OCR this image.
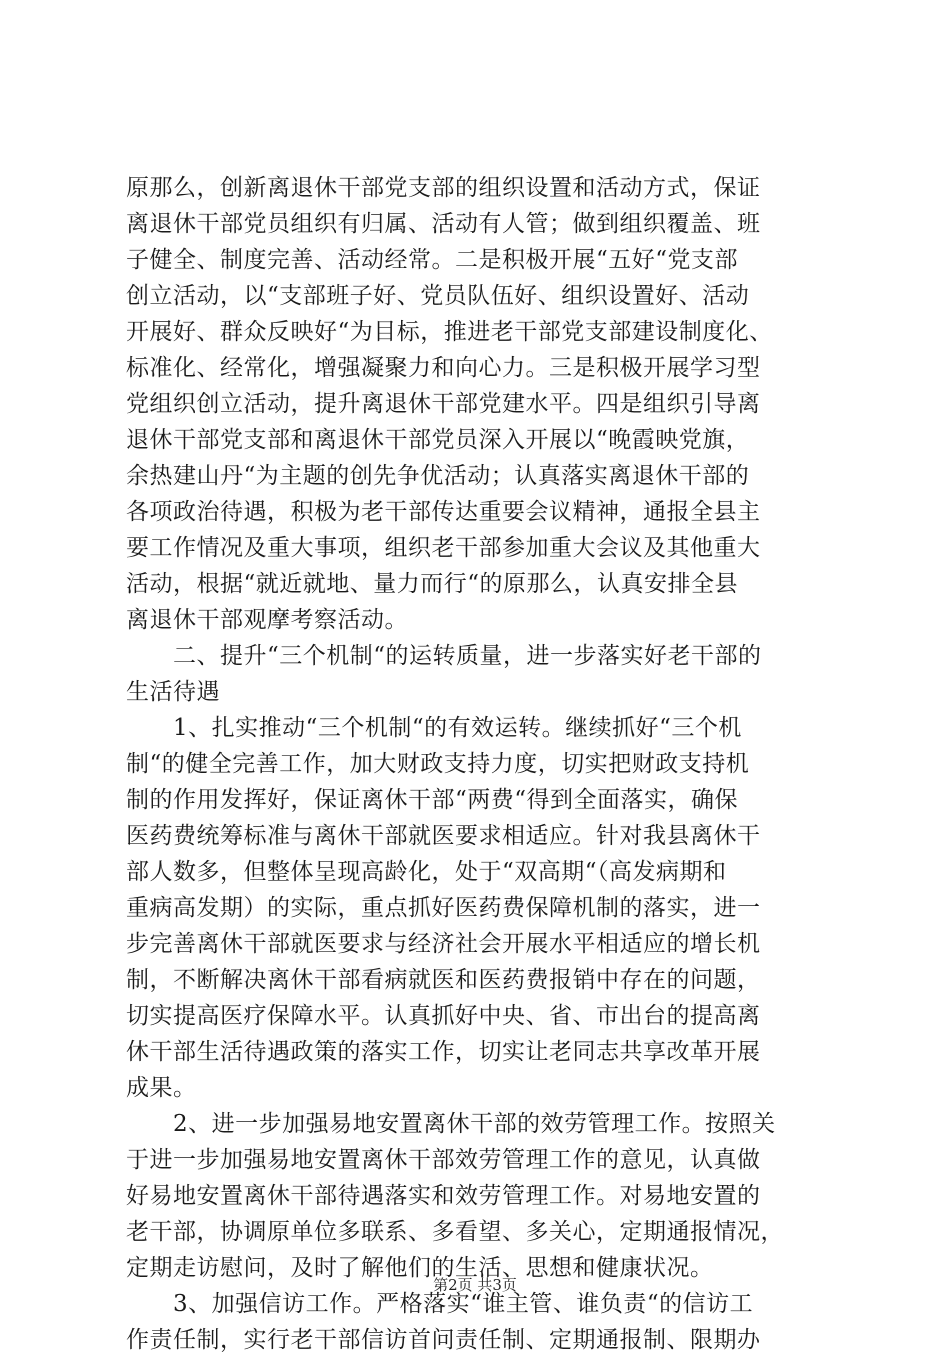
原那么，创新离退休干部党支部的组织设置和活动方式，保证
离退休干部党员组织有归属、活动有人管；做到组织覆盖、班
子健全、制度完善、活动经常。二是积极开展“五好“党支部
创立活动，以“支部班子好、党员队伍好、组织设置好、活动
开展好、群众反映好“为目标，推进老干部党支部建设制度化、
标准化、经常化，增强凝聚力和向心力。三是积极开展学习型
党组织创立活动，提升离退休干部党建水平。四是组织引导离
退休干部党支部和离退休干部党员深入开展以“晚霞映党旗，
余热建山丹“为主题的创先争优活动；认真落实离退休干部的
各项政治待遇，积极为老干部传达重要会议精神，通报全县主
要工作情况及重大事项，组织老干部参加重大会议及其他重大
活动，根据“就近就地、量力而行“的原那么，认真安排全县
离退休干部观摩考察活动。
　　二、提升“三个机制“的运转质量，进一步落实好老干部的
生活待遇
　　1、扎实推动“三个机制“的有效运转。继续抓好“三个机
制“的健全完善工作，加大财政支持力度，切实把财政支持机
制的作用发挥好，保证离休干部“两费“得到全面落实，确保
医药费统筹标准与离休干部就医要求相适应。针对我县离休干
部人数多，但整体呈现高龄化，处于“双高期“（高发病期和
重病高发期）的实际，重点抓好医药费保障机制的落实，进一
步完善离休干部就医要求与经济社会开展水平相适应的增长机
制，不断解决离休干部看病就医和医药费报销中存在的问题，
切实提高医疗保障水平。认真抓好中央、省、市出台的提高离
休干部生活待遇政策的落实工作，切实让老同志共享改革开展
成果。
　　2、进一步加强易地安置离休干部的效劳管理工作。按照关
于进一步加强易地安置离休干部效劳管理工作的意见，认真做
好易地安置离休干部待遇落实和效劳管理工作。对易地安置的
老干部，协调原单位多联系、多看望、多关心，定期通报情况，
定期走访慰问，及时了解他们的生活、思想和健康状况。
　　3、加强信访工作。严格落实“谁主管、谁负责“的信访工
作责任制，实行老干部信访首问责任制、定期通报制、限期办
第2页 共3页
